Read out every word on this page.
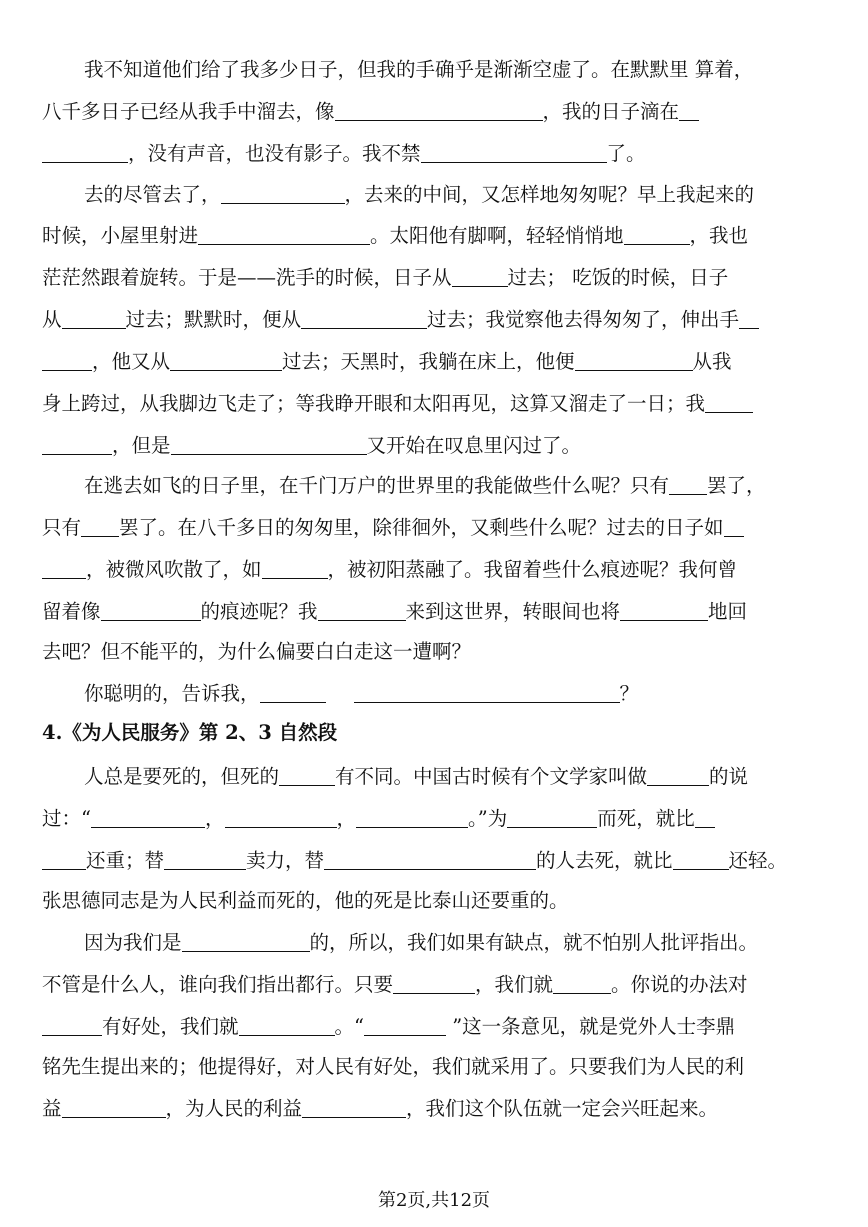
我不知道他们给了我多少日子，但我的手确乎是渐渐空虚了。在默默里 算着，
八千多日子已经从我手中溜去，像	，我的日子滴在
，没有声音，也没有影子。我不禁	了。
去的尽管去了，	，去来的中间，又怎样地匆匆呢？早上我起来的
时候，小屋里射进	。太阳他有脚啊，轻轻悄悄地	，我也
茫茫然跟着旋转。于是——洗手的时候，日子从	过去； 吃饭的时候，日子
从	过去；默默时，便从	过去；我觉察他去得匆匆了，伸出手
，他又从	过去；天黑时，我躺在床上，他便	从我
身上跨过，从我脚边飞走了；等我睁开眼和太阳再见，这算又溜走了一日；我
，但是	又开始在叹息里闪过了。
在逃去如飞的日子里，在千门万户的世界里的我能做些什么呢？只有 罢了，
只有 罢了。在八千多日的匆匆里，除徘徊外，又剩些什么呢？过去的日子如
，被微风吹散了，如	，被初阳蒸融了。我留着些什么痕迹呢？我何曾
留着像	的痕迹呢？我	来到这世界，转眼间也将	地回
去吧？但不能平的，为什么偏要白白走这一遭啊？
你聪明的，告诉我，	？
4.《为人民服务》第 2、3 自然段
人总是要死的，但死的	有不同。中国古时候有个文学家叫做	的说
过：“	，	，	。”为	而死，就比
还重；替	卖力，替	的人去死，就比	还轻。
张思德同志是为人民利益而死的，他的死是比泰山还要重的。
因为我们是	的，所以，我们如果有缺点，就不怕别人批评指出。
不管是什么人，谁向我们指出都行。只要	，我们就	。你说的办法对
有好处，我们就	。“	”这一条意见，就是党外人士李鼎
铭先生提出来的；他提得好，对人民有好处，我们就采用了。只要我们为人民的利
益	，为人民的利益	，我们这个队伍就一定会兴旺起来。
第2页,共12页
